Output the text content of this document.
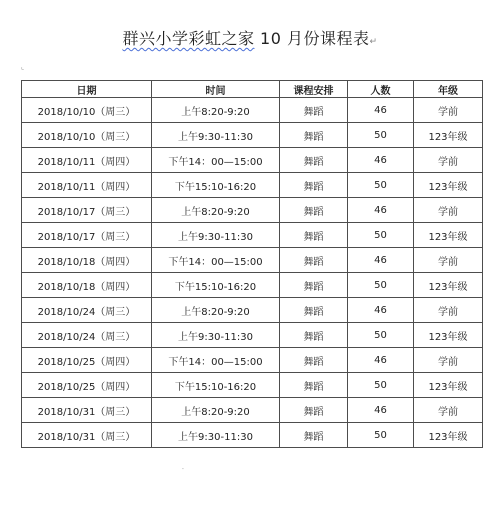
群兴小学彩虹之家 10 月份课程表↵
⌞
日期	时间	课程安排	人数	年级
2018/10/10（周三）	上午8:20-9:20	舞蹈	46	学前
2018/10/10（周三）	上午9:30-11:30	舞蹈	50	123年级
2018/10/11（周四）	下午14：00—15:00	舞蹈	46	学前
2018/10/11（周四）	下午15:10-16:20	舞蹈	50	123年级
2018/10/17（周三）	上午8:20-9:20	舞蹈	46	学前
2018/10/17（周三）	上午9:30-11:30	舞蹈	50	123年级
2018/10/18（周四）	下午14：00—15:00	舞蹈	46	学前
2018/10/18（周四）	下午15:10-16:20	舞蹈	50	123年级
2018/10/24（周三）	上午8:20-9:20	舞蹈	46	学前
2018/10/24（周三）	上午9:30-11:30	舞蹈	50	123年级
2018/10/25（周四）	下午14：00—15:00	舞蹈	46	学前
2018/10/25（周四）	下午15:10-16:20	舞蹈	50	123年级
2018/10/31（周三）	上午8:20-9:20	舞蹈	46	学前
2018/10/31（周三）	上午9:30-11:30	舞蹈	50	123年级
⸱
